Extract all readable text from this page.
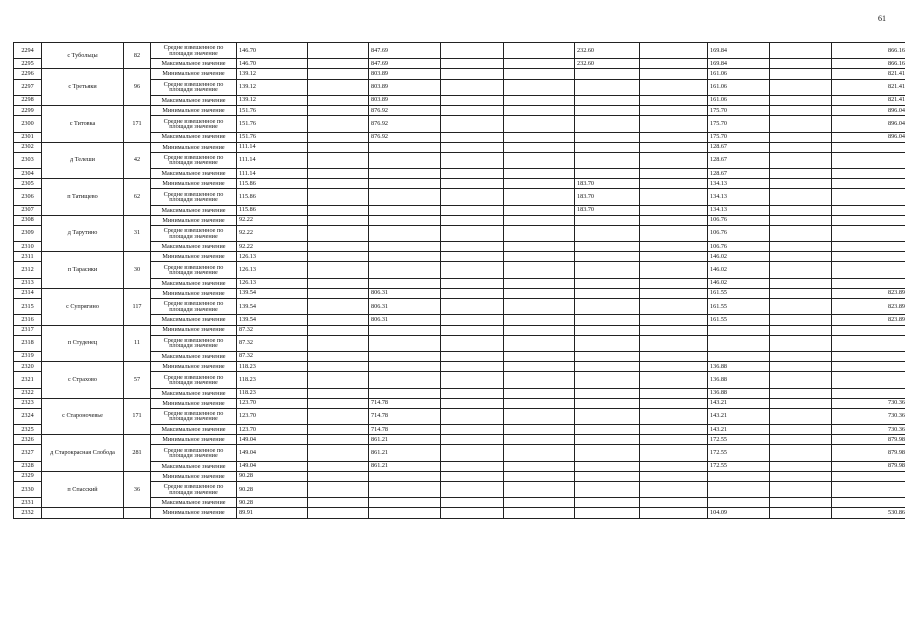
61
2294	с Тубольцы	82	Средне взвешенное по площади значение	146.70		847.69			232.60		169.84		866.16
2295			Максимальное значение	146.70		847.69			232.60		169.84		866.16
2296	с Третьяки	96	Минимальное значение	139.12		803.89					161.06		821.41
2297			Средне взвешенное по площади значение	139.12		803.89					161.06		821.41
2298			Максимальное значение	139.12		803.89					161.06		821.41
2299	с Титовка	171	Минимальное значение	151.76		876.92					175.70		896.04
2300			Средне взвешенное по площади значение	151.76		876.92					175.70		896.04
2301			Максимальное значение	151.76		876.92					175.70		896.04
2302	д Телеши	42	Минимальное значение	111.14							128.67		
2303			Средне взвешенное по площади значение	111.14							128.67		
2304			Максимальное значение	111.14							128.67		
2305	п Татищево	62	Минимальное значение	115.86					183.70		134.13		
2306			Средне взвешенное по площади значение	115.86					183.70		134.13		
2307			Максимальное значение	115.86					183.70		134.13		
2308	д Тарутино	31	Минимальное значение	92.22							106.76		
2309			Средне взвешенное по площади значение	92.22							106.76		
2310			Максимальное значение	92.22							106.76		
2311	п Тарасики	30	Минимальное значение	126.13							146.02		
2312			Средне взвешенное по площади значение	126.13							146.02		
2313			Максимальное значение	126.13							146.02		
2314	с Супрягино	117	Минимальное значение	139.54		806.31					161.55		823.89
2315			Средне взвешенное по площади значение	139.54		806.31					161.55		823.89
2316			Максимальное значение	139.54		806.31					161.55		823.89
2317	п Студенец	11	Минимальное значение	87.32									
2318			Средне взвешенное по площади значение	87.32									
2319			Максимальное значение	87.32									
2320	с Страхово	57	Минимальное значение	118.23							136.88		
2321			Средне взвешенное по площади значение	118.23							136.88		
2322			Максимальное значение	118.23							136.88		
2323	с Староночевье	171	Минимальное значение	123.70		714.78					143.21		730.36
2324			Средне взвешенное по площади значение	123.70		714.78					143.21		730.36
2325			Максимальное значение	123.70		714.78					143.21		730.36
2326	д Старокрасная Слобода	281	Минимальное значение	149.04		861.21					172.55		879.98
2327			Средне взвешенное по площади значение	149.04		861.21					172.55		879.98
2328			Максимальное значение	149.04		861.21					172.55		879.98
2329	п Спасский	36	Минимальное значение	90.28									
2330			Средне взвешенное по площади значение	90.28									
2331			Максимальное значение	90.28									
2332			Минимальное значение	89.91							104.09		530.86
